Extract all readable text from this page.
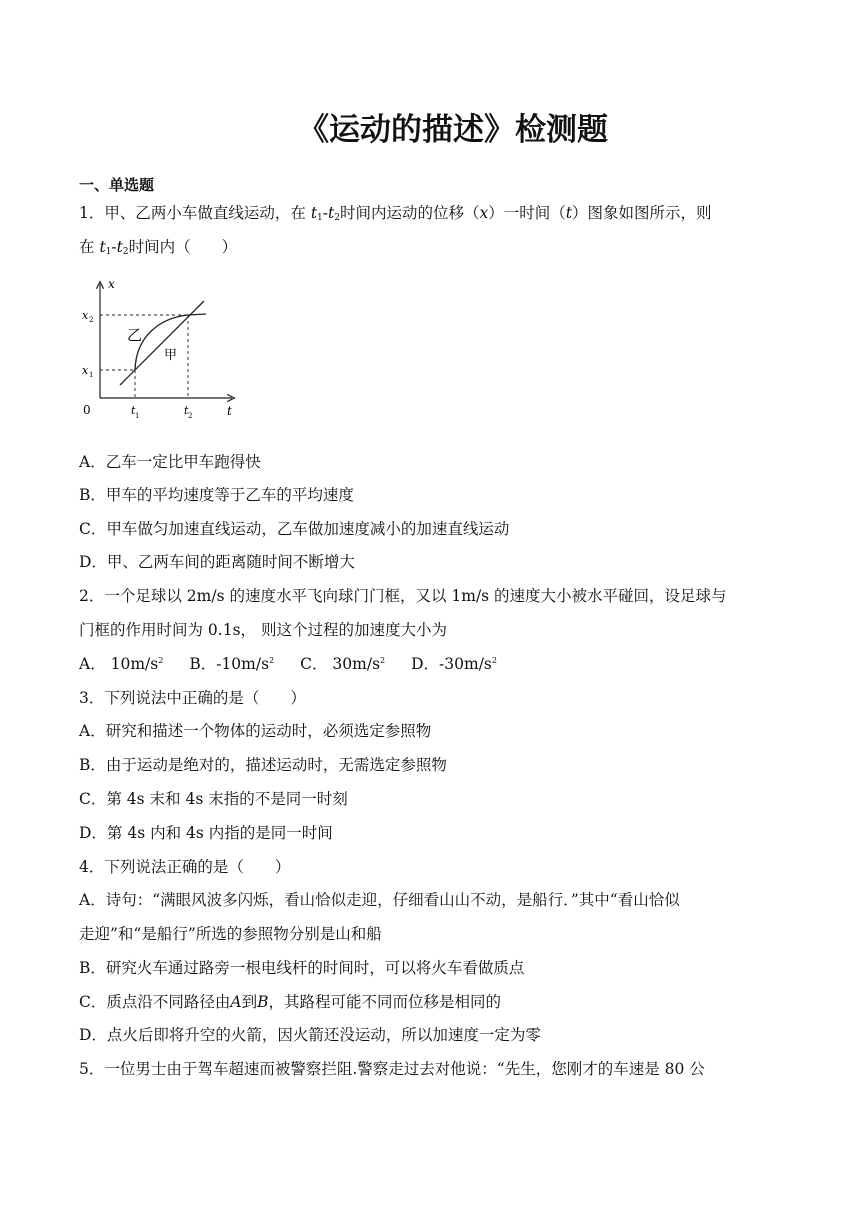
《运动的描述》检测题
一、单选题
1．甲、乙两小车做直线运动，在 $t_1-t_2$时间内运动的位移（x）一时间（t）图象如图所示，则
在 $t_1-t_2$时间内（　　）
x
t
0
x 2
x 1
t 1	t 2
乙
甲
A．乙车一定比甲车跑得快
B．甲车的平均速度等于乙车的平均速度
C．甲车做匀加速直线运动，乙车做加速度减小的加速直线运动
D．甲、乙两车间的距离随时间不断增大
2．一个足球以 2m/s 的速度水平飞向球门门框，又以 1m/s 的速度大小被水平碰回，设足球与
门框的作用时间为 0.1s， 则这个过程的加速度大小为
A． $10m/s^2$ B．$-10m/s^2$ C． $30m/s^2$ D．$-30m/s^2$
3．下列说法中正确的是（　　）
A．研究和描述一个物体的运动时，必须选定参照物
B．由于运动是绝对的，描述运动时，无需选定参照物
C．第 4s 末和 4s 末指的不是同一时刻
D．第 4s 内和 4s 内指的是同一时间
4．下列说法正确的是（　　）
A．诗句：“满眼风波多闪烁，看山恰似走迎，仔细看山山不动，是船行．”其中“看山恰似
走迎”和“是船行”所选的参照物分别是山和船
B．研究火车通过路旁一根电线杆的时间时，可以将火车看做质点
C．质点沿不同路径由A到B，其路程可能不同而位移是相同的
D．点火后即将升空的火箭，因火箭还没运动，所以加速度一定为零
5．一位男士由于驾车超速而被警察拦阻.警察走过去对他说：“先生，您刚才的车速是 80 公
